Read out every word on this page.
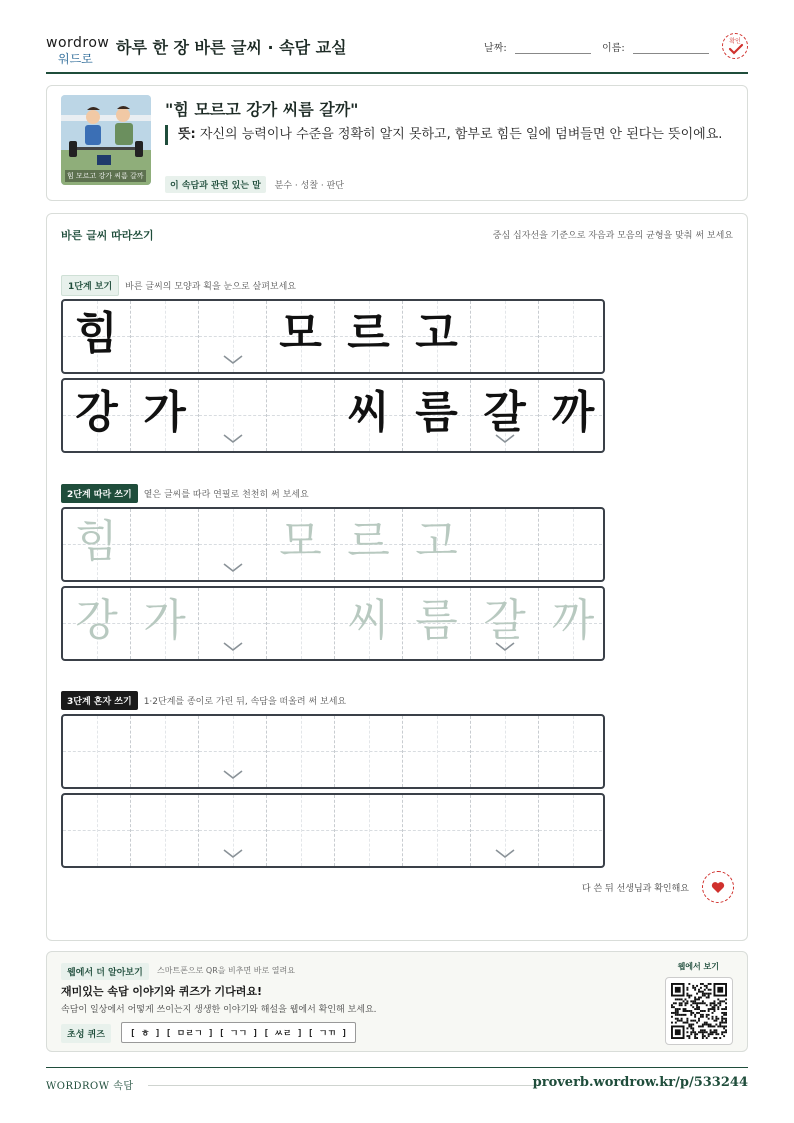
wordrow
워드로
하루 한 장 바른 글씨 · 속담 교실	날짜:	이름:
확인
힘 모르고 강가 씨름 갈까
"힘 모르고 강가 씨름 갈까"
뜻: 자신의 능력이나 수준을 정확히 알지 못하고, 함부로 힘든 일에 덤벼들면 안 된다는 뜻이에요.
이 속담과 관련 있는 말 분수 · 성찰 · 판단
바른 글씨 따라쓰기	중심 십자선을 기준으로 자음과 모음의 균형을 맞춰 써 보세요
1단계 보기 바른 글씨의 모양과 획을 눈으로 살펴보세요
힘	모 르 고
강 가	씨 름 갈 까
2단계 따라 쓰기 옅은 글씨를 따라 연필로 천천히 써 보세요
힘	모 르 고
강 가	씨 름 갈 까
3단계 혼자 쓰기 1·2단계를 종이로 가린 뒤, 속담을 떠올려 써 보세요
다 쓴 뒤 선생님과 확인해요
웹에서 더 알아보기	스마트폰으로 QR을 비추면 바로 열려요
재미있는 속담 이야기와 퀴즈가 기다려요!
속담이 일상에서 어떻게 쓰이는지 생생한 이야기와 해설을 웹에서 확인해 보세요.
초성 퀴즈	[ ㅎ ] [ ㅁㄹㄱ ] [ ㄱㄱ ] [ ㅆㄹ ] [ ㄱㄲ ]
웹에서 보기
WORDROW 속담	proverb.wordrow.kr/p/533244
